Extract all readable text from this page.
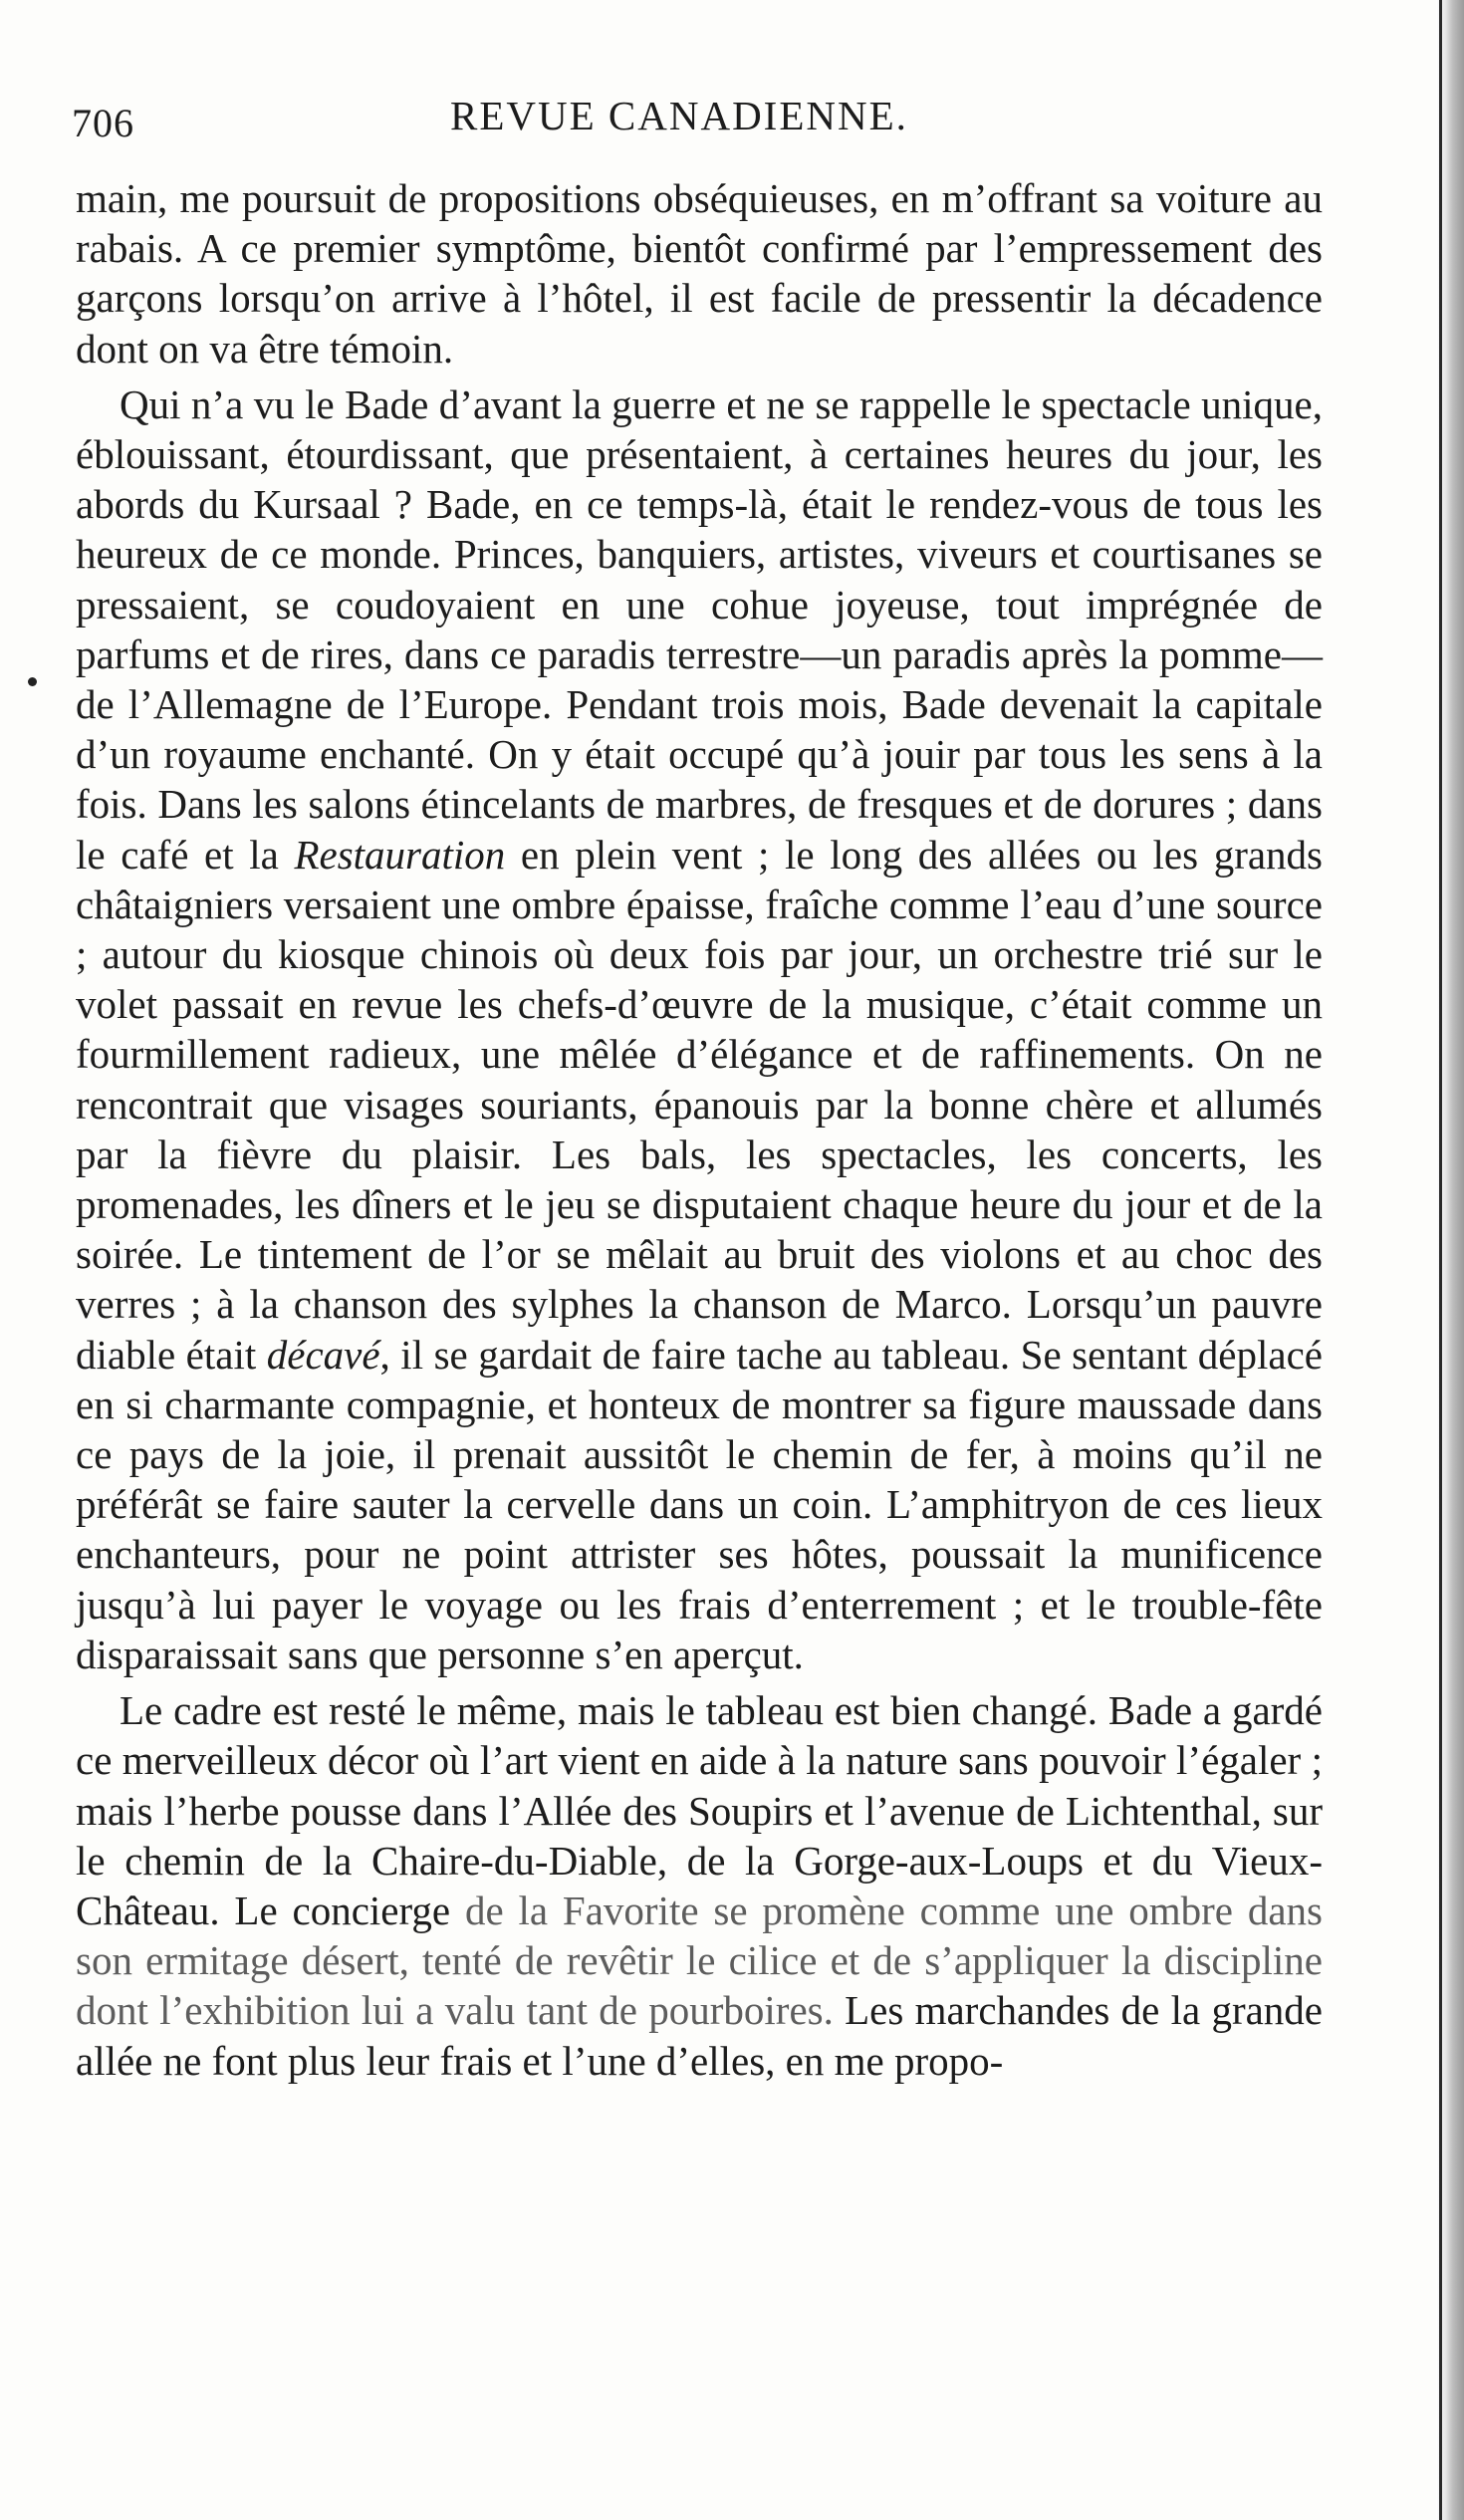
706	REVUE CANADIENNE.

main, me poursuit de propositions obséquieuses, en m’offrant sa voiture au rabais. A ce premier symptôme, bientôt confirmé par l’empressement des garçons lorsqu’on arrive à l’hôtel, il est facile de pressentir la décadence dont on va être témoin.

Qui n’a vu le Bade d’avant la guerre et ne se rappelle le spectacle unique, éblouissant, étourdissant, que présentaient, à certaines heures du jour, les abords du Kursaal ? Bade, en ce temps-là, était le rendez-vous de tous les heureux de ce monde. Princes, banquiers, artistes, viveurs et courtisanes se pressaient, se coudoyaient en une cohue joyeuse, tout imprégnée de parfums et de rires, dans ce paradis terrestre—un paradis après la pomme—de l’Allemagne de l’Europe. Pendant trois mois, Bade devenait la capitale d’un royaume enchanté. On y était occupé qu’à jouir par tous les sens à la fois. Dans les salons étincelants de marbres, de fresques et de dorures ; dans le café et la Restauration en plein vent ; le long des allées ou les grands châtaigniers versaient une ombre épaisse, fraîche comme l’eau d’une source ; autour du kiosque chinois où deux fois par jour, un orchestre trié sur le volet passait en revue les chefs-d’œuvre de la musique, c’était comme un fourmillement radieux, une mêlée d’élégance et de raffinements. On ne rencontrait que visages souriants, épanouis par la bonne chère et allumés par la fièvre du plaisir. Les bals, les spectacles, les concerts, les promenades, les dîners et le jeu se disputaient chaque heure du jour et de la soirée. Le tintement de l’or se mêlait au bruit des violons et au choc des verres ; à la chanson des sylphes la chanson de Marco. Lorsqu’un pauvre diable était décavé, il se gardait de faire tache au tableau. Se sentant déplacé en si charmante compagnie, et honteux de montrer sa figure maussade dans ce pays de la joie, il prenait aussitôt le chemin de fer, à moins qu’il ne préférât se faire sauter la cervelle dans un coin. L’amphitryon de ces lieux enchanteurs, pour ne point attrister ses hôtes, poussait la munificence jusqu’à lui payer le voyage ou les frais d’enterrement ; et le trouble-fête disparaissait sans que personne s’en aperçut.

Le cadre est resté le même, mais le tableau est bien changé. Bade a gardé ce merveilleux décor où l’art vient en aide à la nature sans pouvoir l’égaler ; mais l’herbe pousse dans l’Allée des Soupirs et l’avenue de Lichtenthal, sur le chemin de la Chaire-du-Diable, de la Gorge-aux-Loups et du Vieux-Château. Le concierge de la Favorite se promène comme une ombre dans son ermitage désert, tenté de revêtir le cilice et de s’appliquer la discipline dont l’exhibition lui a valu tant de pourboires. Les marchandes de la grande allée ne font plus leur frais et l’une d’elles, en me propo-
